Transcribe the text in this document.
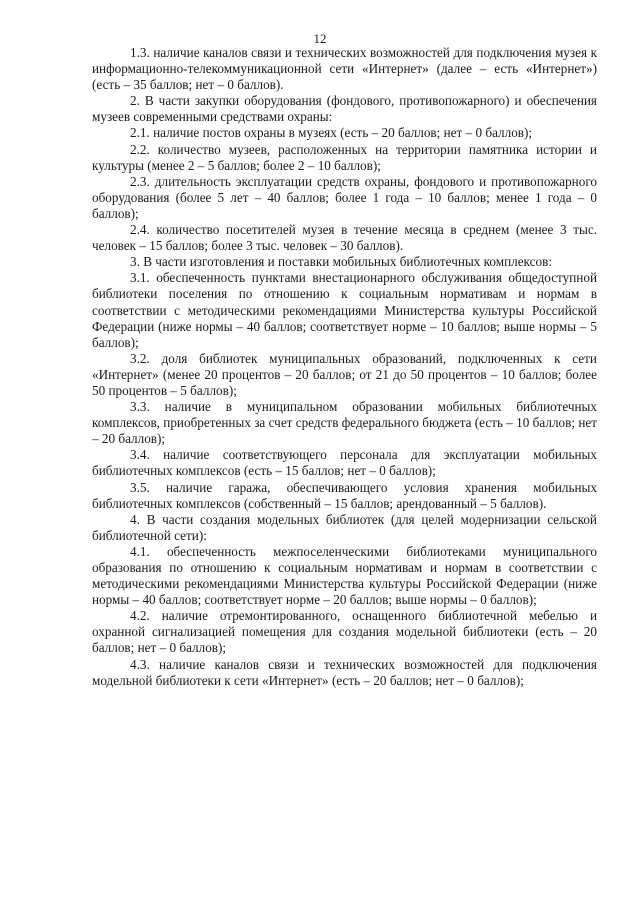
12

1.3. наличие каналов связи и технических возможностей для подключения музея к информационно-телекоммуникационной сети «Интернет» (далее – есть «Интернет») (есть – 35 баллов; нет – 0 баллов).

2. В части закупки оборудования (фондового, противопожарного) и обеспечения музеев современными средствами охраны:

2.1. наличие постов охраны в музеях (есть – 20 баллов; нет – 0 баллов);

2.2. количество музеев, расположенных на территории памятника истории и культуры (менее 2 – 5 баллов; более 2 – 10 баллов);

2.3. длительность эксплуатации средств охраны, фондового и противопожарного оборудования (более 5 лет – 40 баллов; более 1 года – 10 баллов; менее 1 года – 0 баллов);

2.4. количество посетителей музея в течение месяца в среднем (менее 3 тыс. человек – 15 баллов; более 3 тыс. человек – 30 баллов).

3. В части изготовления и поставки мобильных библиотечных комплексов:

3.1. обеспеченность пунктами внестационарного обслуживания общедоступной библиотеки поселения по отношению к социальным нормативам и нормам в соответствии с методическими рекомендациями Министерства культуры Российской Федерации (ниже нормы – 40 баллов; соответствует норме – 10 баллов; выше нормы – 5 баллов);

3.2. доля библиотек муниципальных образований, подключенных к сети «Интернет» (менее 20 процентов – 20 баллов; от 21 до 50 процентов – 10 баллов; более 50 процентов – 5 баллов);

3.3. наличие в муниципальном образовании мобильных библиотечных комплексов, приобретенных за счет средств федерального бюджета (есть – 10 баллов; нет – 20 баллов);

3.4. наличие соответствующего персонала для эксплуатации мобильных библиотечных комплексов (есть – 15 баллов; нет – 0 баллов);

3.5. наличие гаража, обеспечивающего условия хранения мобильных библиотечных комплексов (собственный – 15 баллов; арендованный – 5 баллов).

4. В части создания модельных библиотек (для целей модернизации сельской библиотечной сети):

4.1. обеспеченность межпоселенческими библиотеками муниципального образования по отношению к социальным нормативам и нормам в соответствии с методическими рекомендациями Министерства культуры Российской Федерации (ниже нормы – 40 баллов; соответствует норме – 20 баллов; выше нормы – 0 баллов);

4.2. наличие отремонтированного, оснащенного библиотечной мебелью и охранной сигнализацией помещения для создания модельной библиотеки (есть – 20 баллов; нет – 0 баллов);

4.3. наличие каналов связи и технических возможностей для подключения модельной библиотеки к сети «Интернет» (есть – 20 баллов; нет – 0 баллов);
